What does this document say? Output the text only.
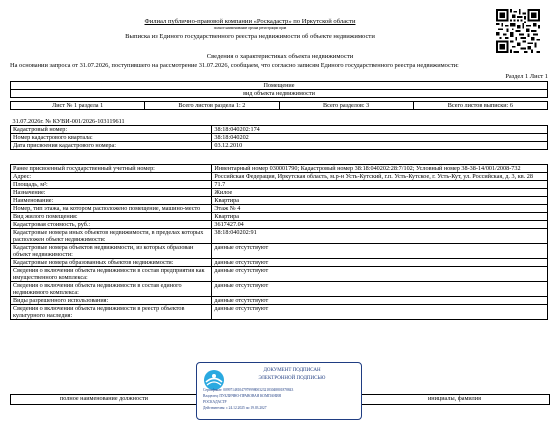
Филиал публично-правовой компании «Роскадастр» по Иркутской области
полное наименование органа регистрации прав
Выписка из Единого государственного реестра недвижимости об объекте недвижимости
Сведения о характеристиках объекта недвижимости
На основании запроса от 31.07.2026, поступившего на рассмотрение 31.07.2026, сообщаем, что согласно записям Единого государственного реестра недвижимости:
Раздел 1 Лист 1
Помещение
вид объекта недвижимости
Лист № 1 раздела 1	Всего листов раздела 1: 2	Всего разделов: 3	Всего листов выписки: 6
31.07.2026г. № КУВИ-001/2026-103119611	
Кадастровый номер:	38:18:040202:174
Номер кадастрового квартала:	38:18:040202
Дата присвоения кадастрового номера:	03.12.2010
Ранее присвоенный государственный учетный номер:	Инвентарный номер 030001790; Кадастровый номер 38:18:040202:28:7/102; Условный номер 38-38-14/001/2008-732
Адрес:	Российская Федерация, Иркутская область, м.р-н Усть-Кутский, г.п. Усть-Кутское, г. Усть-Кут, ул. Российская, д. 3, кв. 28
Площадь, м²:	71.7
Назначение:	Жилое
Наименование:	Квартира
Номер, тип этажа, на котором расположено помещение, машино-место	Этаж № 4
Вид жилого помещения:	Квартира
Кадастровая стоимость, руб.:	3617427.04
Кадастровые номера иных объектов недвижимости, в пределах которых расположен объект недвижимости:	38:18:040202:91
Кадастровые номера объектов недвижимости, из которых образован объект недвижимости:	данные отсутствуют
Кадастровые номера образованных объектов недвижимости:	данные отсутствуют
Сведения о включении объекта недвижимости в состав предприятия как имущественного комплекса:	данные отсутствуют
Сведения о включении объекта недвижимости в состав единого недвижимого комплекса:	данные отсутствуют
Виды разрешенного использования:	данные отсутствуют
Сведения о включении объекта недвижимости в реестр объектов культурного наследия:	данные отсутствуют
полное наименование должности	инициалы, фамилия
ДОКУМЕНТ ПОДПИСАН
ЭЛЕКТРОННОЙ ПОДПИСЬЮ
Сертификат: 009971481047979998003232183048801878843
Владелец: ПУБЛИЧНО-ПРАВОВАЯ КОМПАНИЯ
РОСКАДАСТР
Действителен: с 24.12.2025 по 19.03.2027
